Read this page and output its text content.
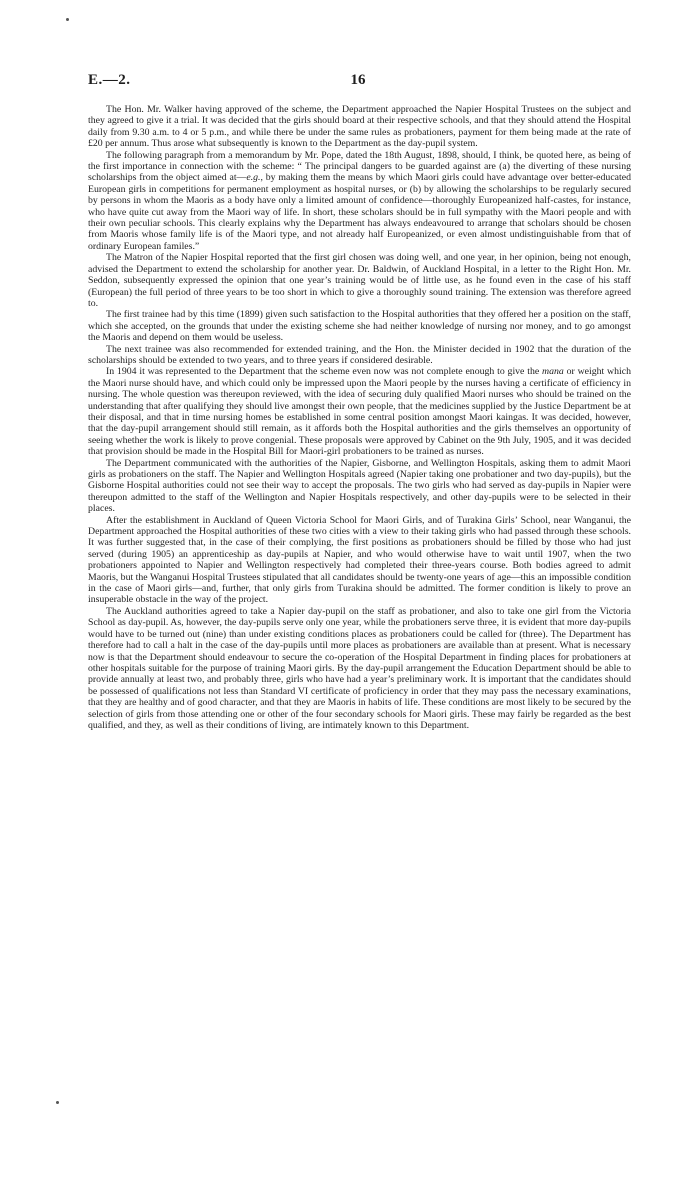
E.—2.	16

The Hon. Mr. Walker having approved of the scheme, the Department approached the Napier Hospital Trustees on the subject and they agreed to give it a trial. It was decided that the girls should board at their respective schools, and that they should attend the Hospital daily from 9.30 a.m. to 4 or 5 p.m., and while there be under the same rules as probationers, payment for them being made at the rate of £20 per annum. Thus arose what subsequently is known to the Department as the day-pupil system.

The following paragraph from a memorandum by Mr. Pope, dated the 18th August, 1898, should, I think, be quoted here, as being of the first importance in connection with the scheme: “ The principal dangers to be guarded against are (a) the diverting of these nursing scholarships from the object aimed at—e.g., by making them the means by which Maori girls could have advantage over better-educated European girls in competitions for permanent employment as hospital nurses, or (b) by allowing the scholarships to be regularly secured by persons in whom the Maoris as a body have only a limited amount of confidence—thoroughly Europeanized half-castes, for instance, who have quite cut away from the Maori way of life. In short, these scholars should be in full sympathy with the Maori people and with their own peculiar schools. This clearly explains why the Department has always endeavoured to arrange that scholars should be chosen from Maoris whose family life is of the Maori type, and not already half Europeanized, or even almost undistinguishable from that of ordinary European familes.”

The Matron of the Napier Hospital reported that the first girl chosen was doing well, and one year, in her opinion, being not enough, advised the Department to extend the scholarship for another year. Dr. Baldwin, of Auckland Hospital, in a letter to the Right Hon. Mr. Seddon, subsequently expressed the opinion that one year’s training would be of little use, as he found even in the case of his staff (European) the full period of three years to be too short in which to give a thoroughly sound training. The extension was therefore agreed to.

The first trainee had by this time (1899) given such satisfaction to the Hospital authorities that they offered her a position on the staff, which she accepted, on the grounds that under the existing scheme she had neither knowledge of nursing nor money, and to go amongst the Maoris and depend on them would be useless.

The next trainee was also recommended for extended training, and the Hon. the Minister decided in 1902 that the duration of the scholarships should be extended to two years, and to three years if considered desirable.

In 1904 it was represented to the Department that the scheme even now was not complete enough to give the mana or weight which the Maori nurse should have, and which could only be impressed upon the Maori people by the nurses having a certificate of efficiency in nursing. The whole question was thereupon reviewed, with the idea of securing duly qualified Maori nurses who should be trained on the understanding that after qualifying they should live amongst their own people, that the medicines supplied by the Justice Department be at their disposal, and that in time nursing homes be established in some central position amongst Maori kaingas. It was decided, however, that the day-pupil arrangement should still remain, as it affords both the Hospital authorities and the girls themselves an opportunity of seeing whether the work is likely to prove congenial. These proposals were approved by Cabinet on the 9th July, 1905, and it was decided that provision should be made in the Hospital Bill for Maori-girl probationers to be trained as nurses.

The Department communicated with the authorities of the Napier, Gisborne, and Wellington Hospitals, asking them to admit Maori girls as probationers on the staff. The Napier and Wellington Hospitals agreed (Napier taking one probationer and two day-pupils), but the Gisborne Hospital authorities could not see their way to accept the proposals. The two girls who had served as day-pupils in Napier were thereupon admitted to the staff of the Wellington and Napier Hospitals respectively, and other day-pupils were to be selected in their places.

After the establishment in Auckland of Queen Victoria School for Maori Girls, and of Turakina Girls’ School, near Wanganui, the Department approached the Hospital authorities of these two cities with a view to their taking girls who had passed through these schools. It was further suggested that, in the case of their complying, the first positions as probationers should be filled by those who had just served (during 1905) an apprenticeship as day-pupils at Napier, and who would otherwise have to wait until 1907, when the two probationers appointed to Napier and Wellington respectively had completed their three-years course. Both bodies agreed to admit Maoris, but the Wanganui Hospital Trustees stipulated that all candidates should be twenty-one years of age—this an impossible condition in the case of Maori girls—and, further, that only girls from Turakina should be admitted. The former condition is likely to prove an insuperable obstacle in the way of the project.

The Auckland authorities agreed to take a Napier day-pupil on the staff as probationer, and also to take one girl from the Victoria School as day-pupil. As, however, the day-pupils serve only one year, while the probationers serve three, it is evident that more day-pupils would have to be turned out (nine) than under existing conditions places as probationers could be called for (three). The Department has therefore had to call a halt in the case of the day-pupils until more places as probationers are available than at present. What is necessary now is that the Department should endeavour to secure the co-operation of the Hospital Department in finding places for probationers at other hospitals suitable for the purpose of training Maori girls. By the day-pupil arrangement the Education Department should be able to provide annually at least two, and probably three, girls who have had a year’s preliminary work. It is important that the candidates should be possessed of qualifications not less than Standard VI certificate of proficiency in order that they may pass the necessary examinations, that they are healthy and of good character, and that they are Maoris in habits of life. These conditions are most likely to be secured by the selection of girls from those attending one or other of the four secondary schools for Maori girls. These may fairly be regarded as the best qualified, and they, as well as their conditions of living, are intimately known to this Department.
